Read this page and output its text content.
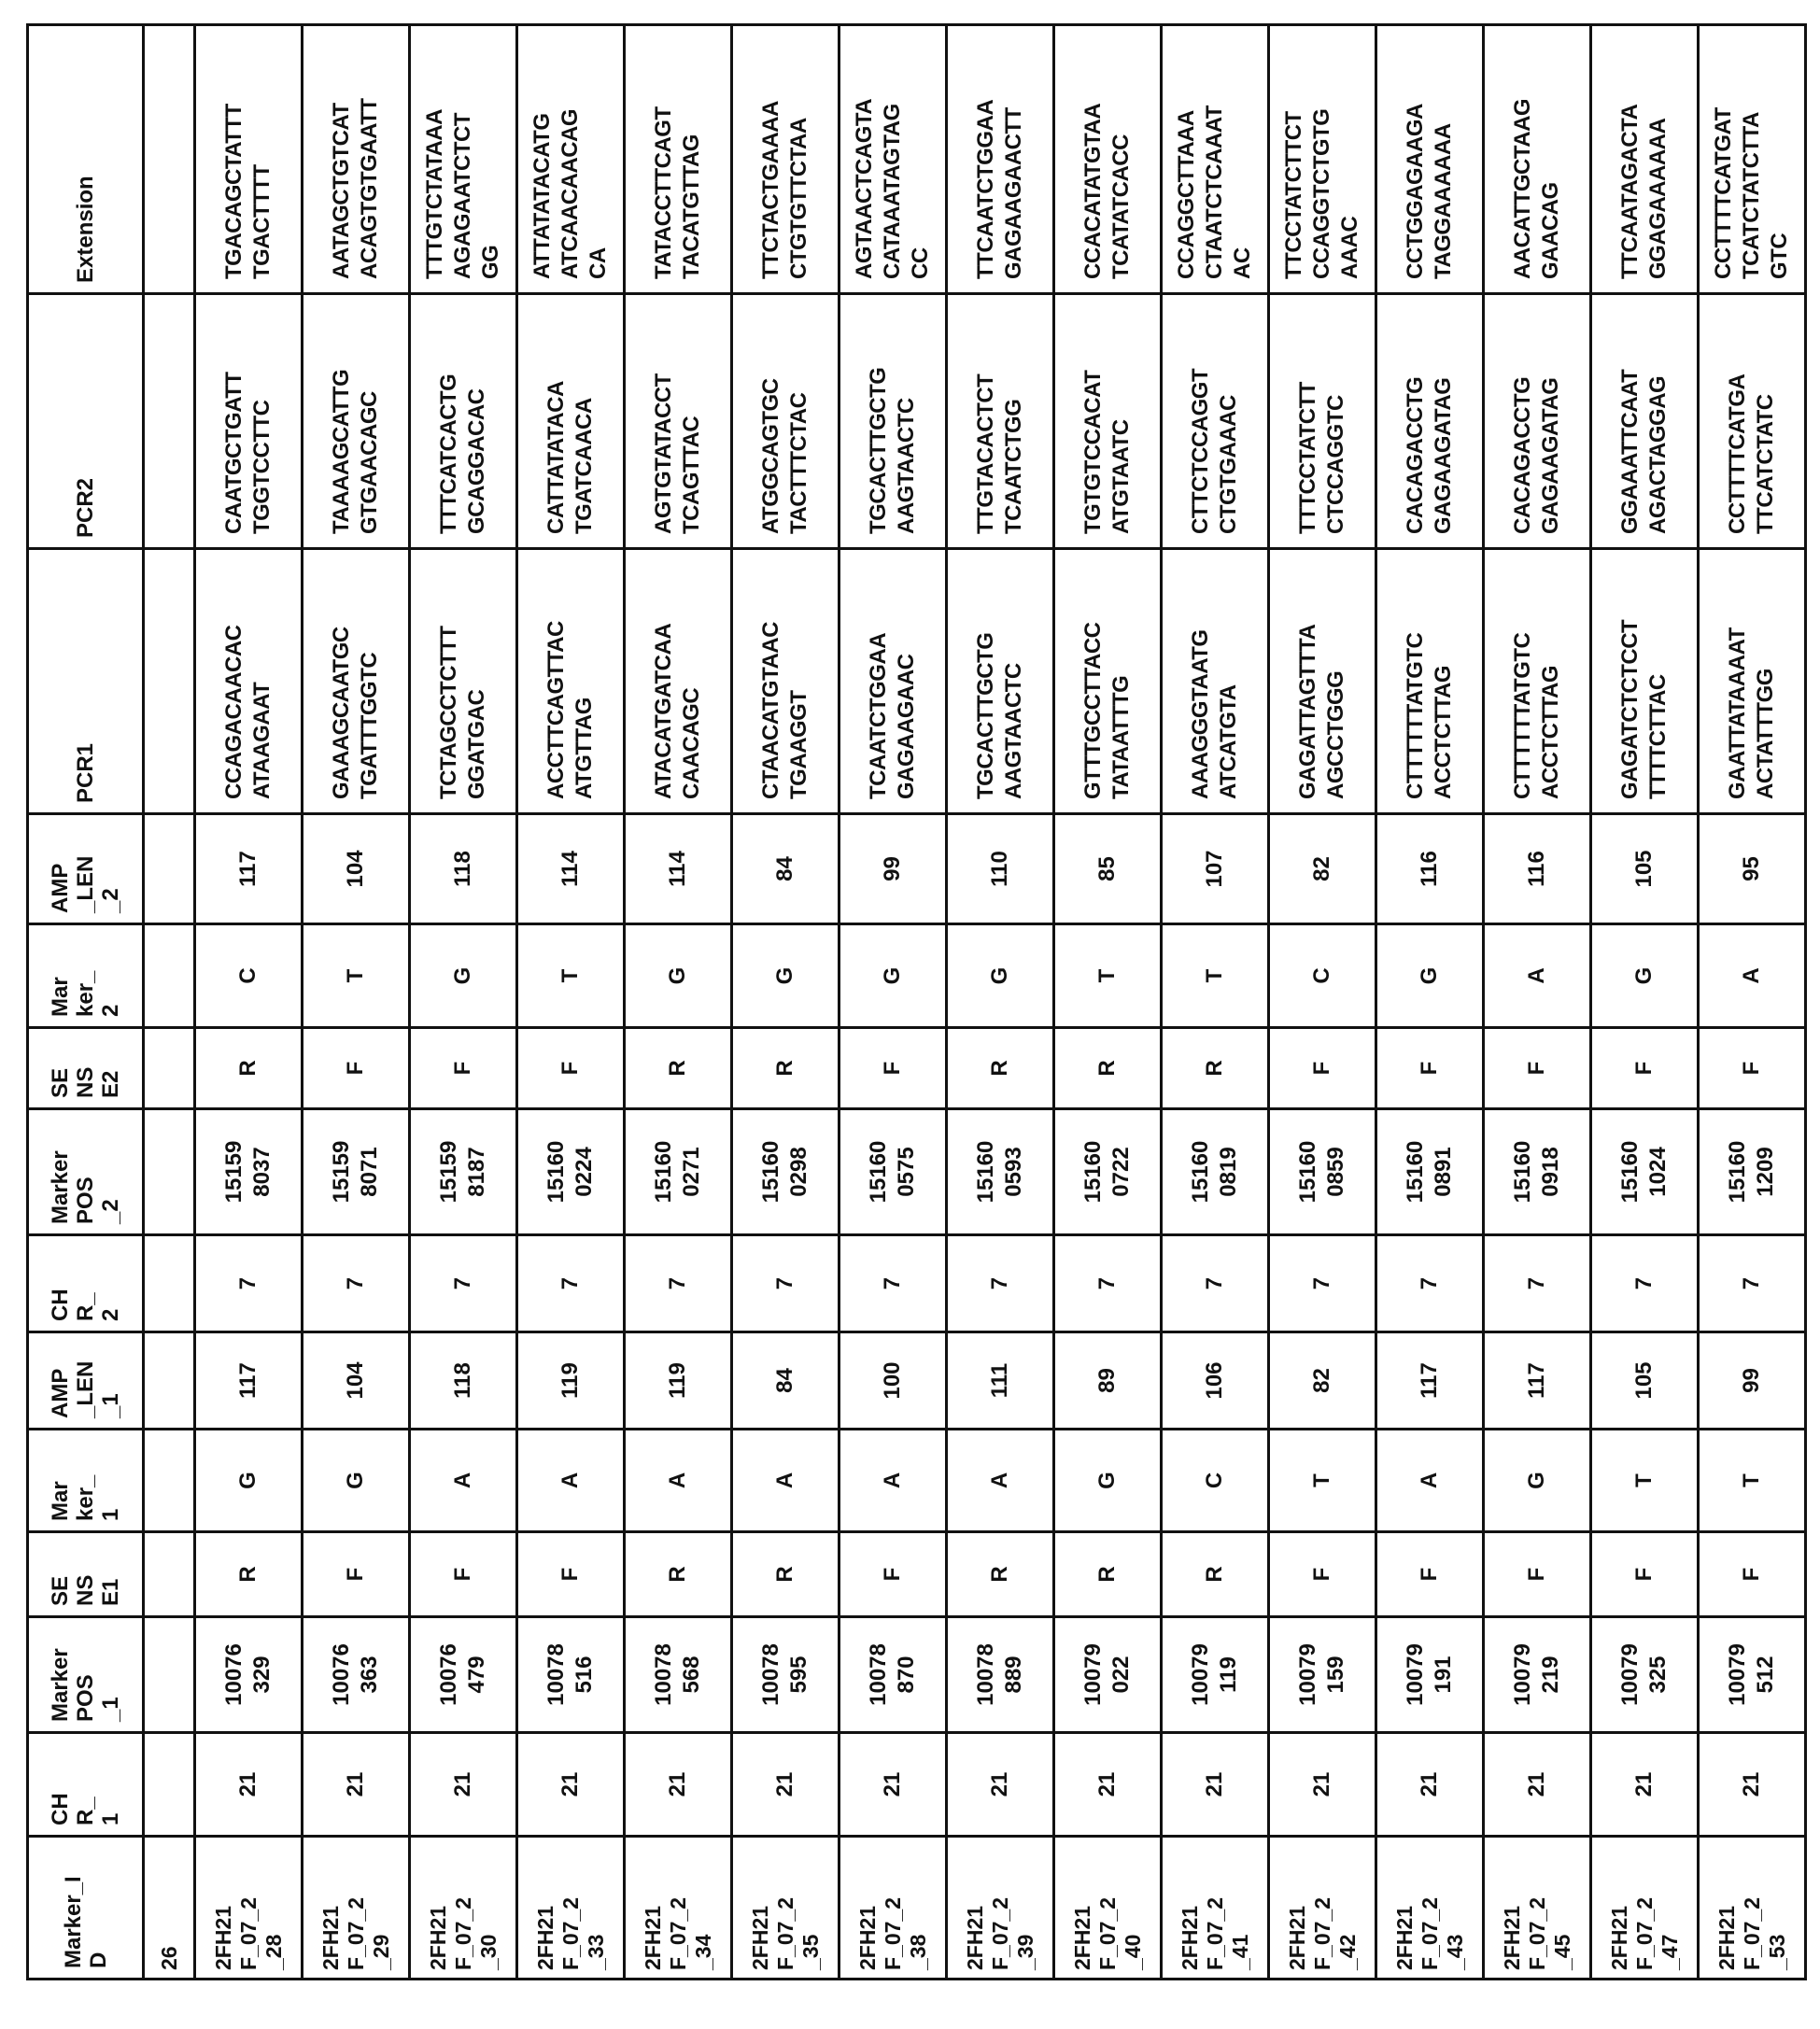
Marker_I
D	CH
R_
1	Marker
POS
_1	SE
NS
E1	Mar
ker_
1	AMP
_LEN
_1	CH
R_
2	Marker
POS
_2	SE
NS
E2	Mar
ker_
2	AMP
_LEN
_2	PCR1	PCR2	Extension
26													2FH21
F_07_2
_28	21	10076
329	R	G	117	7	15159
8037	R	C	117	CCAGACAACAC
ATAAGAAT	CAATGCTGATT
TGGTCCTTC	TGACAGCTATTT
TGACTTTT
2FH21
F_07_2
_29	21	10076
363	F	G	104	7	15159
8071	F	T	104	GAAAGCAATGC
TGATTTGGTC	TAAAAGCATTG
GTGAACAGC	AATAGCTGTCAT
ACAGTGTGAATT
2FH21
F_07_2
_30	21	10076
479	F	A	118	7	15159
8187	F	G	118	TCTAGCCTCTTT
GGATGAC	TTTCATCACTG
GCAGGACAC	TTTGTCTATAAA
AGAGAATCTCT
GG
2FH21
F_07_2
_33	21	10078
516	F	A	119	7	15160
0224	F	T	114	ACCTTCAGTTAC
ATGTTAG	CATTATATACA
TGATCAACA	ATTATATACATG
ATCAACAACAG
CA
2FH21
F_07_2
_34	21	10078
568	R	A	119	7	15160
0271	R	G	114	ATACATGATCAA
CAACAGC	AGTGTATACCT
TCAGTTAC	TATACCTTCAGT
TACATGTTAG
2FH21
F_07_2
_35	21	10078
595	R	A	84	7	15160
0298	R	G	84	CTAACATGTAAC
TGAAGGT	ATGGCAGTGC
TACTTTCTAC	TTCTACTGAAAA
CTGTGTTCTAA
2FH21
F_07_2
_38	21	10078
870	F	A	100	7	15160
0575	F	G	99	TCAATCTGGAA
GAGAAGAAC	TGCACTTGCTG
AAGTAACTC	AGTAACTCAGTA
CATAAATAGTAG
CC
2FH21
F_07_2
_39	21	10078
889	R	A	111	7	15160
0593	R	G	110	TGCACTTGCTG
AAGTAACTC	TTGTACACTCT
TCAATCTGG	TTCAATCTGGAA
GAGAAGAACTT
2FH21
F_07_2
_40	21	10079
022	R	G	89	7	15160
0722	R	T	85	GTTTGCCTTACC
TATAATTTG	TGTGTCCACAT
ATGTAATC	CCACATATGTAA
TCATATCACC
2FH21
F_07_2
_41	21	10079
119	R	C	106	7	15160
0819	R	T	107	AAAGGGTAATG
ATCATGTA	CTTCTCCAGGT
CTGTGAAAC	CCAGGCTTAAA
CTAATCTCAAAT
AC
2FH21
F_07_2
_42	21	10079
159	F	T	82	7	15160
0859	F	C	82	GAGATTAGTTTA
AGCCTGGG	TTTCCTATCTT
CTCCAGGTC	TTCCTATCTTCT
CCAGGTCTGTG
AAAC
2FH21
F_07_2
_43	21	10079
191	F	A	117	7	15160
0891	F	G	116	CTTTTTTATGTC
ACCTCTTAG	CACAGACCTG
GAGAAGATAG	CCTGGAGAAGA
TAGGAAAAAA
2FH21
F_07_2
_45	21	10079
219	F	G	117	7	15160
0918	F	A	116	CTTTTTTATGTC
ACCTCTTAG	CACAGACCTG
GAGAAGATAG	AACATTGCTAAG
GAACAG
2FH21
F_07_2
_47	21	10079
325	F	T	105	7	15160
1024	F	G	105	GAGATCTCTCCT
TTTTCTTAC	GGAAATTCAAT
AGACTAGGAG	TTCAATAGACTA
GGAGAAAAAA
2FH21
F_07_2
_53	21	10079
512	F	T	99	7	15160
1209	F	A	95	GAATTATAAAAT
ACTATTTGG	CCTTTTCATGA
TTCATCTATC	CCTTTTCATGAT
TCATCTATCTTA
GTC
